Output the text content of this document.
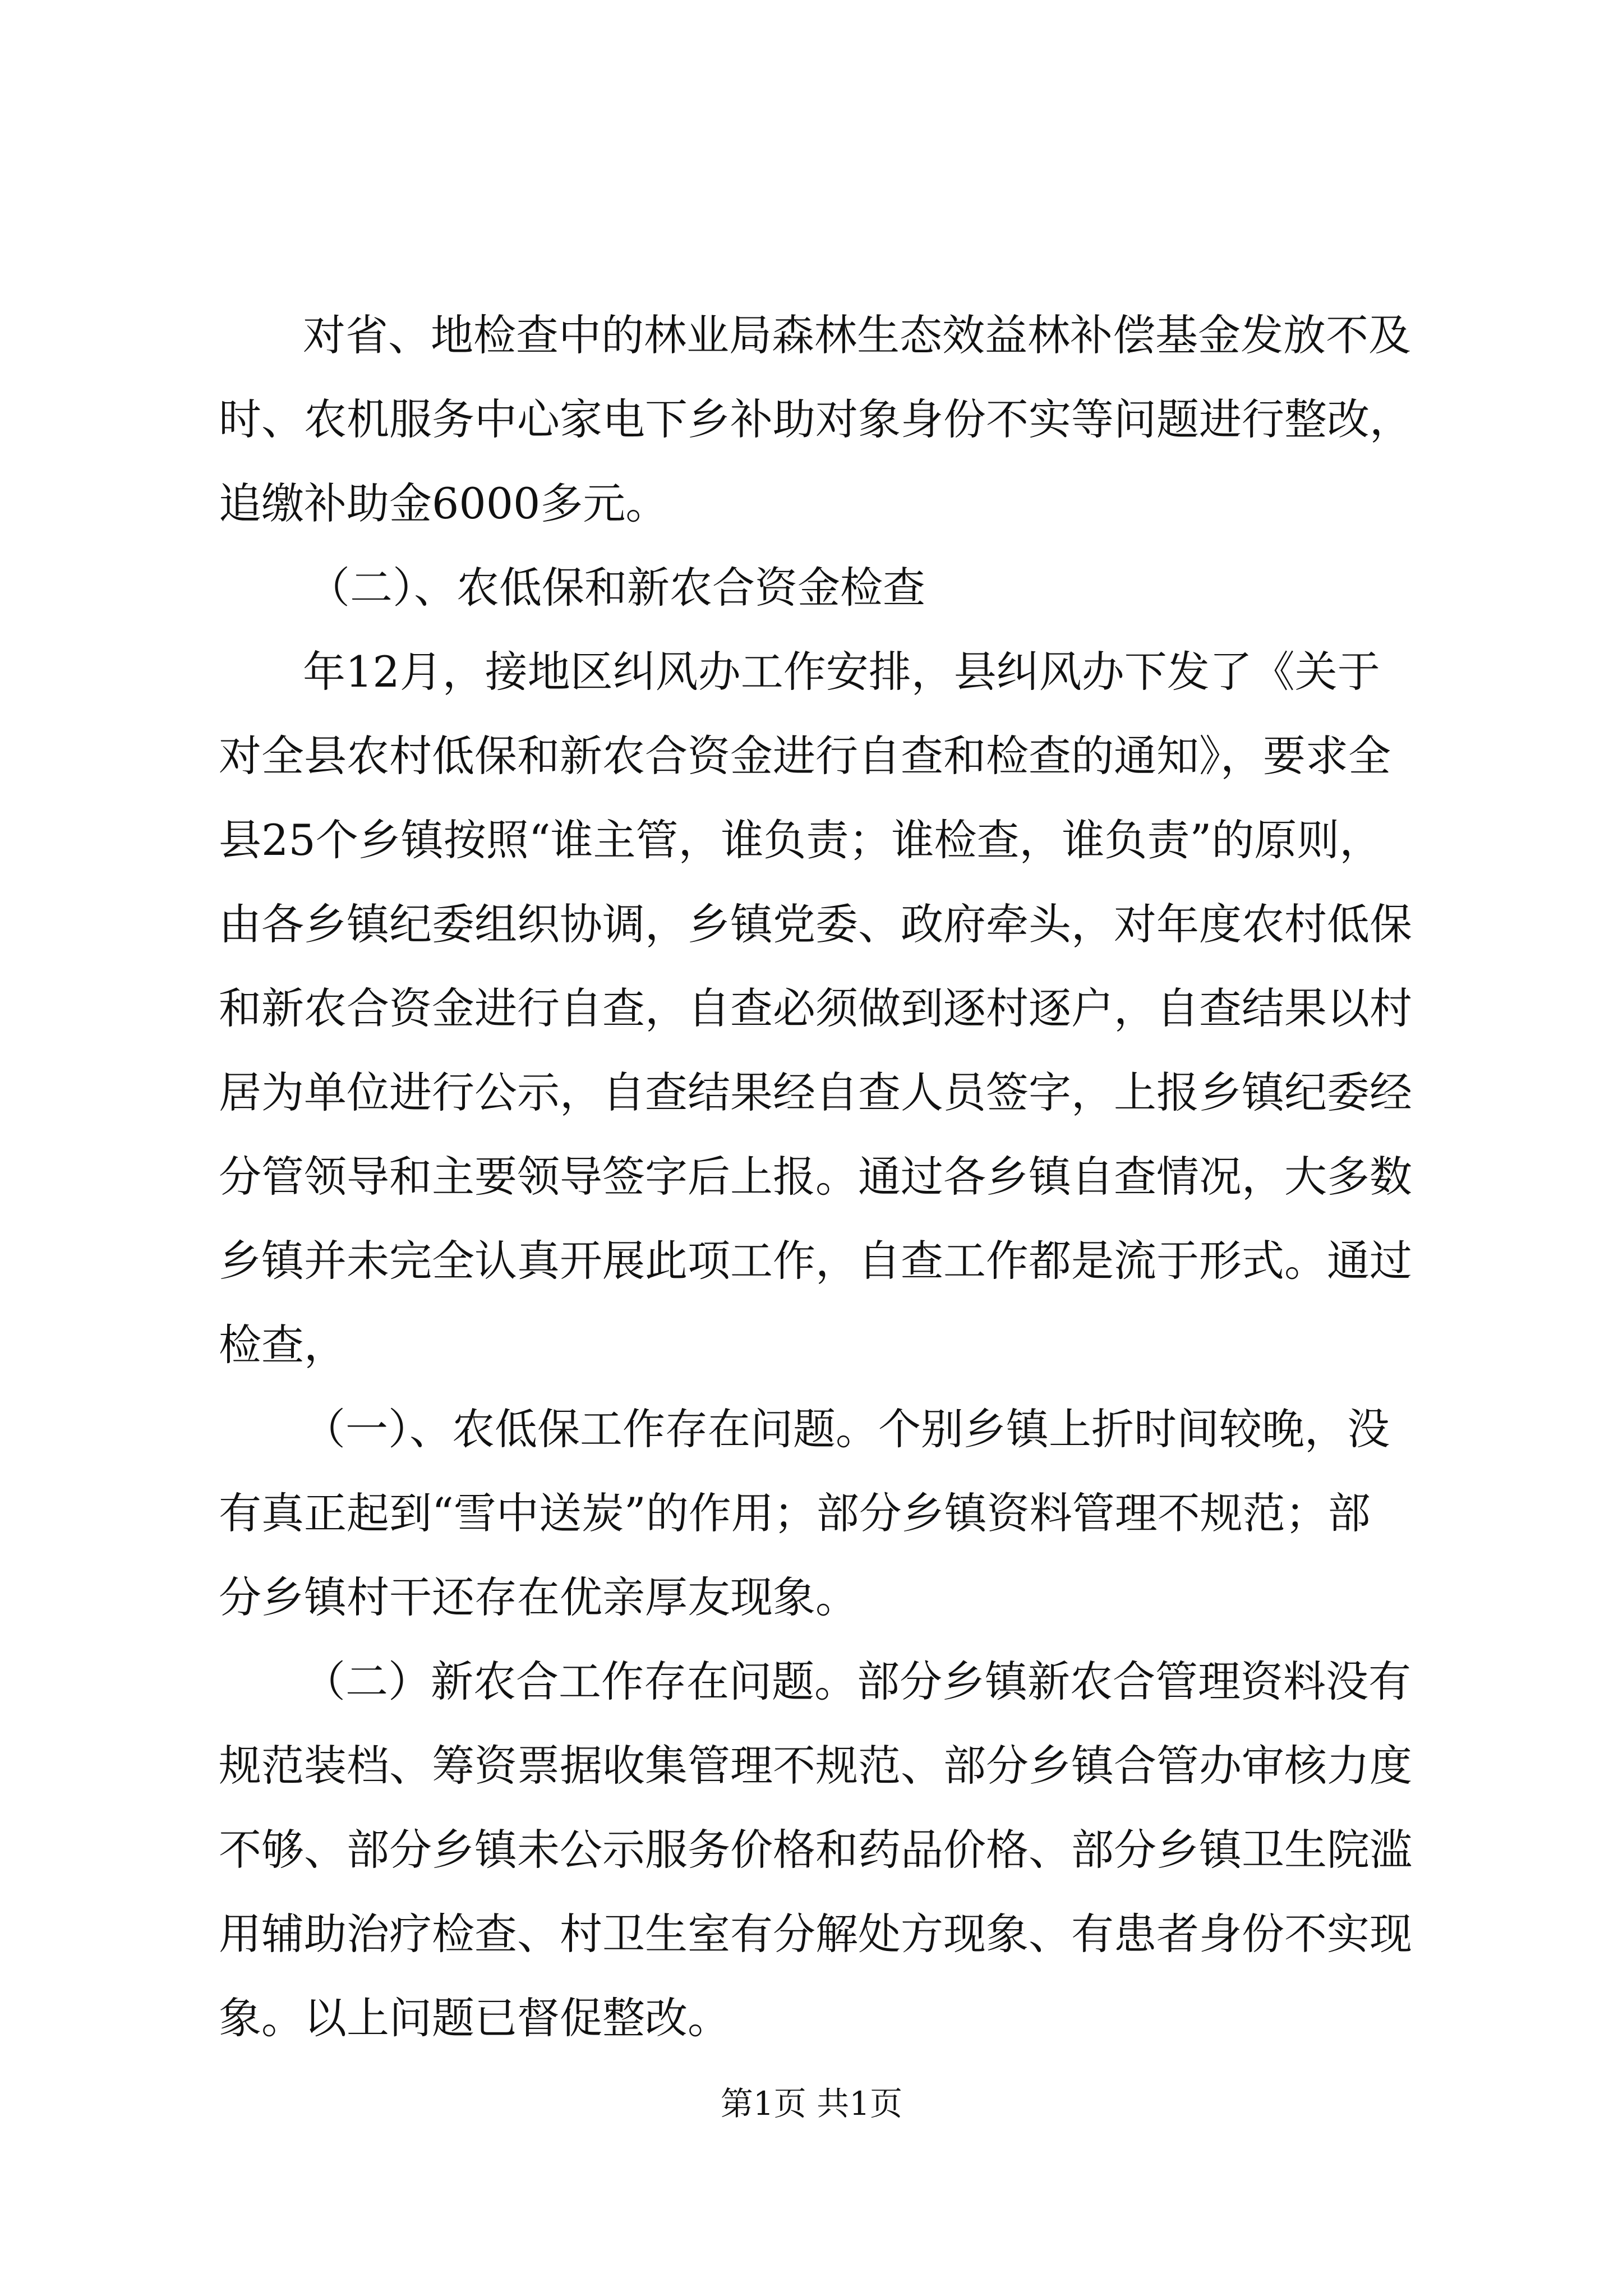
对省、地检查中的林业局森林生态效益林补偿基金发放不及
时、农机服务中心家电下乡补助对象身份不实等问题进行整改，
追缴补助金6000多元。
（二）、农低保和新农合资金检查
年12月，接地区纠风办工作安排，县纠风办下发了《关于
对全县农村低保和新农合资金进行自查和检查的通知》，要求全
县25个乡镇按照“谁主管，谁负责；谁检查，谁负责”的原则，
由各乡镇纪委组织协调，乡镇党委、政府牵头，对年度农村低保
和新农合资金进行自查，自查必须做到逐村逐户，自查结果以村
居为单位进行公示，自查结果经自查人员签字，上报乡镇纪委经
分管领导和主要领导签字后上报。通过各乡镇自查情况，大多数
乡镇并未完全认真开展此项工作，自查工作都是流于形式。通过
检查，
（一）、农低保工作存在问题。个别乡镇上折时间较晚，没
有真正起到“雪中送炭”的作用；部分乡镇资料管理不规范；部
分乡镇村干还存在优亲厚友现象。
（二）新农合工作存在问题。部分乡镇新农合管理资料没有
规范装档、筹资票据收集管理不规范、部分乡镇合管办审核力度
不够、部分乡镇未公示服务价格和药品价格、部分乡镇卫生院滥
用辅助治疗检查、村卫生室有分解处方现象、有患者身份不实现
象。以上问题已督促整改。
第1页 共1页
